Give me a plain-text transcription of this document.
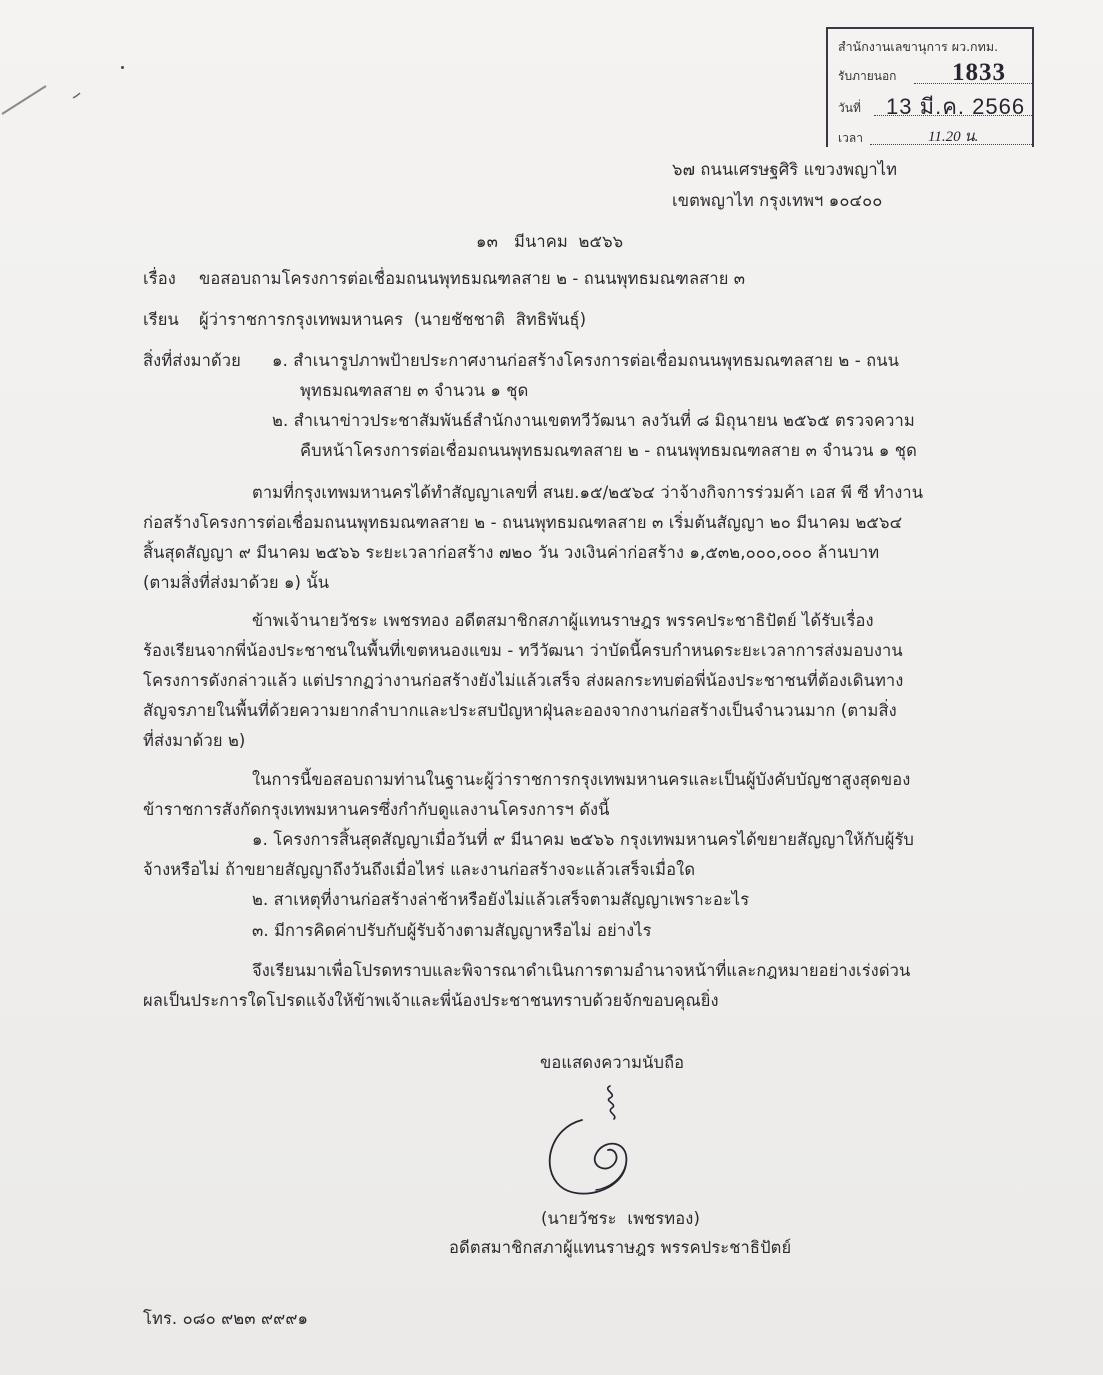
สำนักงานเลขานุการ ผว.กทม.
รับภายนอก 1833
วันที่ 13 มี.ค. 2566
เวลา	11.20 น.
๖๗ ถนนเศรษฐศิริ แขวงพญาไท
เขตพญาไท กรุงเทพฯ ๑๐๔๐๐
๑๓   มีนาคม  ๒๕๖๖
เรื่อง ขอสอบถามโครงการต่อเชื่อมถนนพุทธมณฑลสาย ๒ - ถนนพุทธมณฑลสาย ๓
เรียน ผู้ว่าราชการกรุงเทพมหานคร  (นายชัชชาติ  สิทธิพันธุ์)
สิ่งที่ส่งมาด้วย ๑. สำเนารูปภาพป้ายประกาศงานก่อสร้างโครงการต่อเชื่อมถนนพุทธมณฑลสาย ๒ - ถนน
พุทธมณฑลสาย ๓ จำนวน ๑ ชุด
๒. สำเนาข่าวประชาสัมพันธ์สำนักงานเขตทวีวัฒนา ลงวันที่ ๘ มิถุนายน ๒๕๖๕ ตรวจความ
คืบหน้าโครงการต่อเชื่อมถนนพุทธมณฑลสาย ๒ - ถนนพุทธมณฑลสาย ๓ จำนวน ๑ ชุด
ตามที่กรุงเทพมหานครได้ทำสัญญาเลขที่ สนย.๑๕/๒๕๖๔ ว่าจ้างกิจการร่วมค้า เอส พี ซี ทำงาน
ก่อสร้างโครงการต่อเชื่อมถนนพุทธมณฑลสาย ๒ - ถนนพุทธมณฑลสาย ๓ เริ่มต้นสัญญา ๒๐ มีนาคม ๒๕๖๔
สิ้นสุดสัญญา ๙ มีนาคม ๒๕๖๖ ระยะเวลาก่อสร้าง ๗๒๐ วัน วงเงินค่าก่อสร้าง ๑,๕๓๒,๐๐๐,๐๐๐ ล้านบาท
(ตามสิ่งที่ส่งมาด้วย ๑) นั้น
ข้าพเจ้านายวัชระ เพชรทอง อดีตสมาชิกสภาผู้แทนราษฎร พรรคประชาธิปัตย์ ได้รับเรื่อง
ร้องเรียนจากพี่น้องประชาชนในพื้นที่เขตหนองแขม - ทวีวัฒนา ว่าบัดนี้ครบกำหนดระยะเวลาการส่งมอบงาน
โครงการดังกล่าวแล้ว แต่ปรากฏว่างานก่อสร้างยังไม่แล้วเสร็จ ส่งผลกระทบต่อพี่น้องประชาชนที่ต้องเดินทาง
สัญจรภายในพื้นที่ด้วยความยากลำบากและประสบปัญหาฝุ่นละอองจากงานก่อสร้างเป็นจำนวนมาก (ตามสิ่ง
ที่ส่งมาด้วย ๒)
ในการนี้ขอสอบถามท่านในฐานะผู้ว่าราชการกรุงเทพมหานครและเป็นผู้บังคับบัญชาสูงสุดของ
ข้าราชการสังกัดกรุงเทพมหานครซึ่งกำกับดูแลงานโครงการฯ ดังนี้
๑. โครงการสิ้นสุดสัญญาเมื่อวันที่ ๙ มีนาคม ๒๕๖๖ กรุงเทพมหานครได้ขยายสัญญาให้กับผู้รับ
จ้างหรือไม่ ถ้าขยายสัญญาถึงวันถึงเมื่อไหร่ และงานก่อสร้างจะแล้วเสร็จเมื่อใด
๒. สาเหตุที่งานก่อสร้างล่าช้าหรือยังไม่แล้วเสร็จตามสัญญาเพราะอะไร
๓. มีการคิดค่าปรับกับผู้รับจ้างตามสัญญาหรือไม่ อย่างไร
จึงเรียนมาเพื่อโปรดทราบและพิจารณาดำเนินการตามอำนาจหน้าที่และกฎหมายอย่างเร่งด่วน
ผลเป็นประการใดโปรดแจ้งให้ข้าพเจ้าและพี่น้องประชาชนทราบด้วยจักขอบคุณยิ่ง
ขอแสดงความนับถือ
(นายวัชระ  เพชรทอง)
อดีตสมาชิกสภาผู้แทนราษฎร พรรคประชาธิปัตย์
โทร. ๐๘๐ ๙๒๓ ๙๙๙๑
